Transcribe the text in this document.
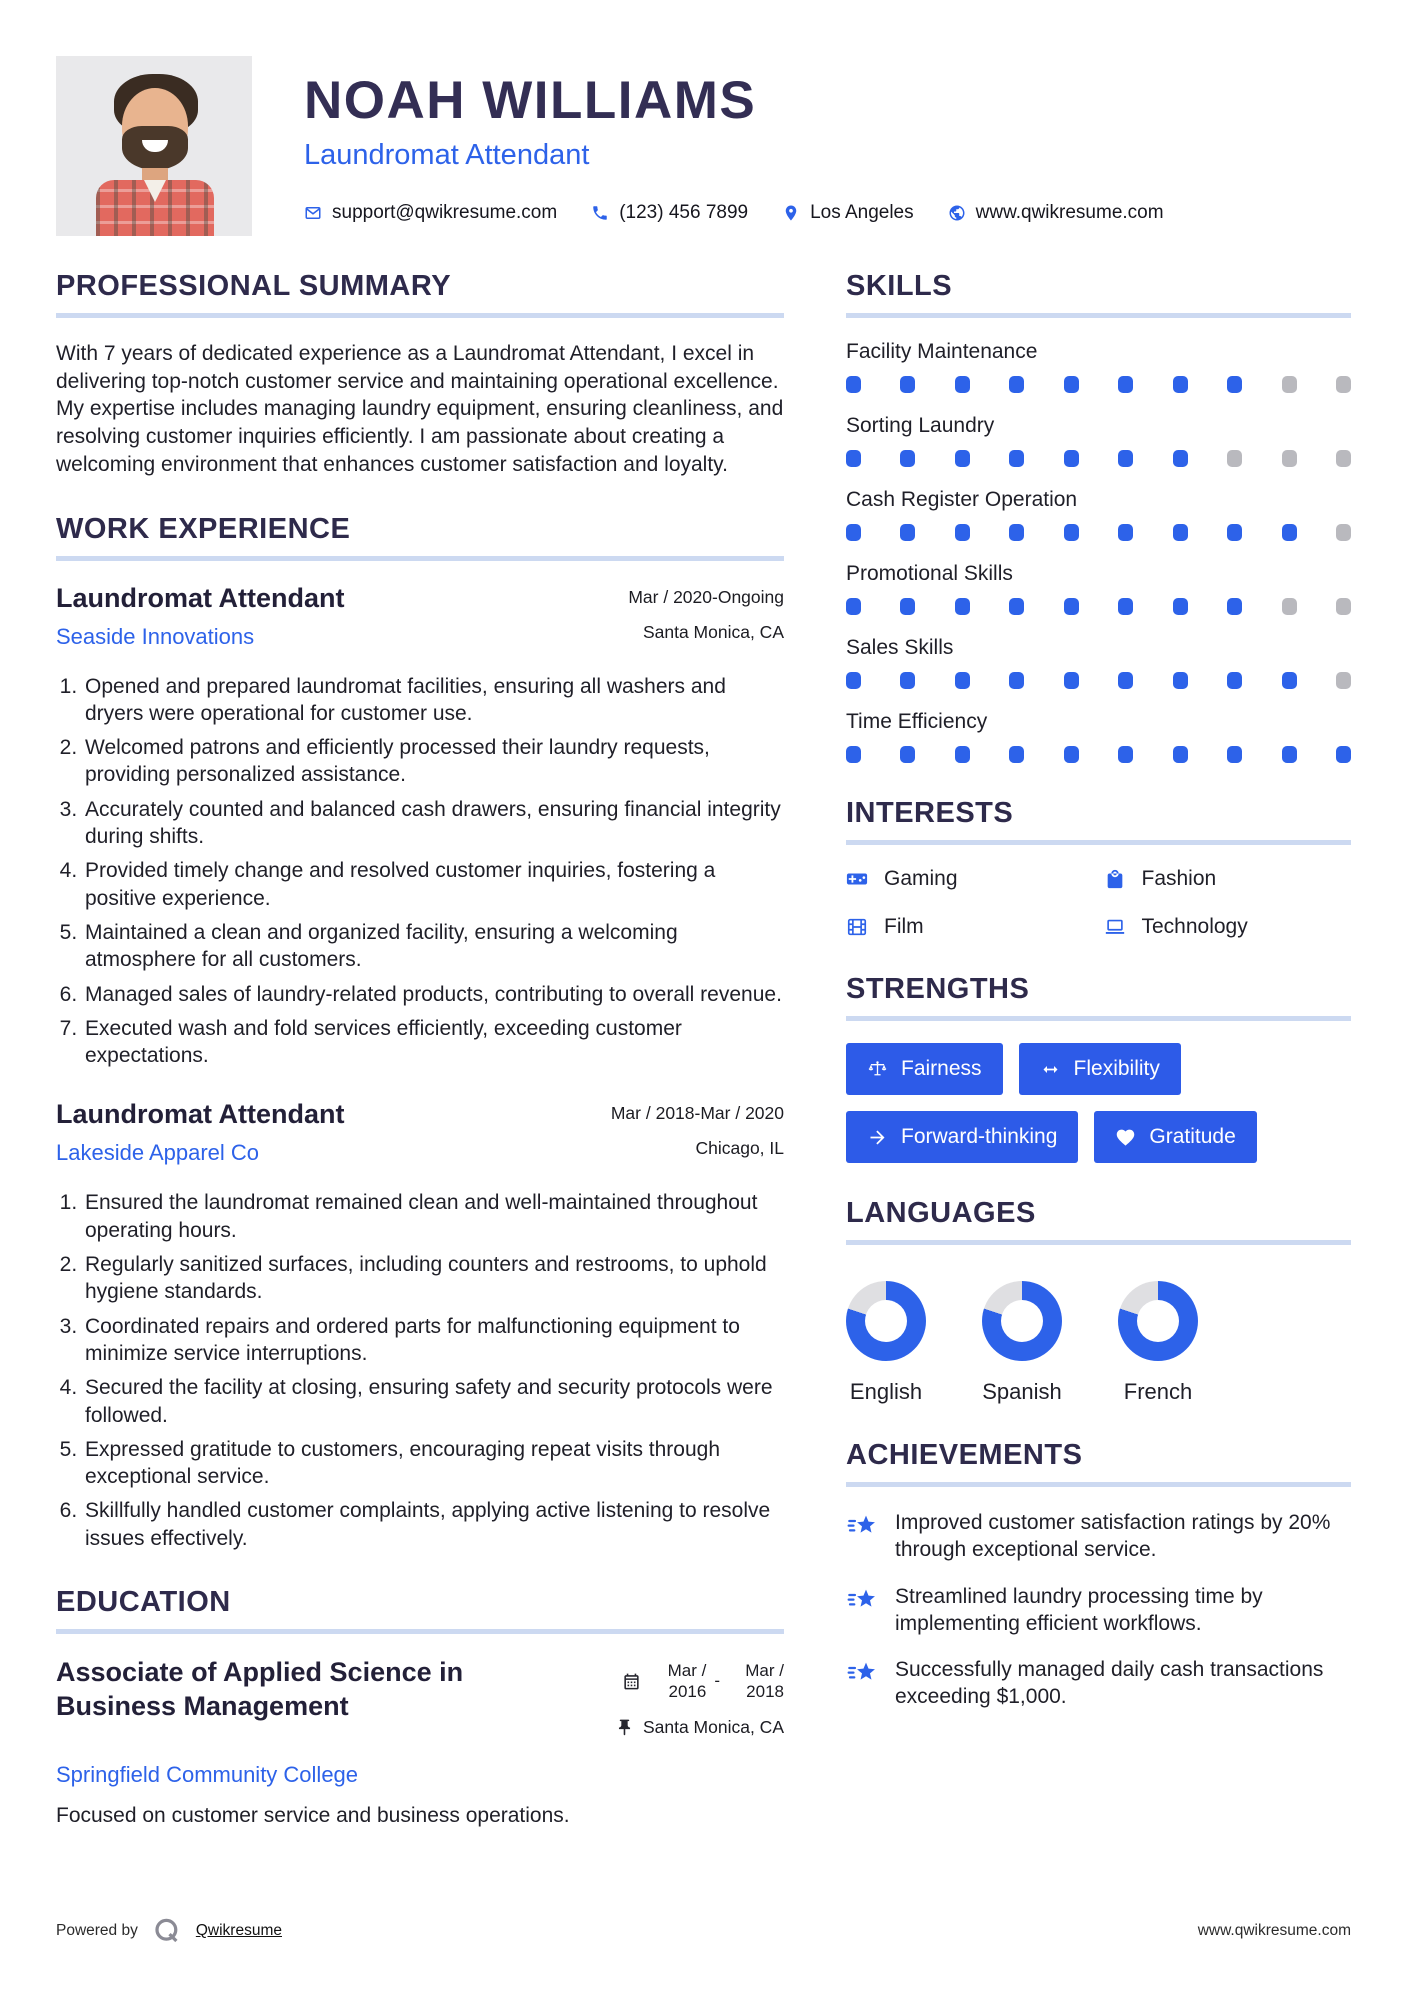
NOAH WILLIAMS
Laundromat Attendant
support@qwikresume.com	(123) 456 7899	Los Angeles	www.qwikresume.com
PROFESSIONAL SUMMARY

With 7 years of dedicated experience as a Laundromat Attendant, I excel in delivering top-notch customer service and maintaining operational excellence. My expertise includes managing laundry equipment, ensuring cleanliness, and resolving customer inquiries efficiently. I am passionate about creating a welcoming environment that enhances customer satisfaction and loyalty.

WORK EXPERIENCE
Laundromat Attendant
Seaside Innovations
Mar / 2020-Ongoing
Santa Monica, CA
1. Opened and prepared laundromat facilities, ensuring all washers and dryers were operational for customer use.
2. Welcomed patrons and efficiently processed their laundry requests, providing personalized assistance.
3. Accurately counted and balanced cash drawers, ensuring financial integrity during shifts.
4. Provided timely change and resolved customer inquiries, fostering a positive experience.
5. Maintained a clean and organized facility, ensuring a welcoming atmosphere for all customers.
6. Managed sales of laundry-related products, contributing to overall revenue.
7. Executed wash and fold services efficiently, exceeding customer expectations.
Laundromat Attendant
Lakeside Apparel Co
Mar / 2018-Mar / 2020
Chicago, IL
1. Ensured the laundromat remained clean and well-maintained throughout operating hours.
2. Regularly sanitized surfaces, including counters and restrooms, to uphold hygiene standards.
3. Coordinated repairs and ordered parts for malfunctioning equipment to minimize service interruptions.
4. Secured the facility at closing, ensuring safety and security protocols were followed.
5. Expressed gratitude to customers, encouraging repeat visits through exceptional service.
6. Skillfully handled customer complaints, applying active listening to resolve issues effectively.
EDUCATION
Associate of Applied Science in Business Management
Mar / 2016
-
Mar / 2018
Santa Monica, CA
Springfield Community College
Focused on customer service and business operations.
SKILLS
Facility Maintenance
Sorting Laundry
Cash Register Operation
Promotional Skills
Sales Skills
Time Efficiency
INTERESTS
Gaming	Fashion
Film	Technology
STRENGTHS
Fairness	Flexibility
Forward-thinking	Gratitude
LANGUAGES
English	Spanish	French
ACHIEVEMENTS
Improved customer satisfaction ratings by 20% through exceptional service.
Streamlined laundry processing time by implementing efficient workflows.
Successfully managed daily cash transactions exceeding $1,000.
Powered by	Qwikresume	www.qwikresume.com
